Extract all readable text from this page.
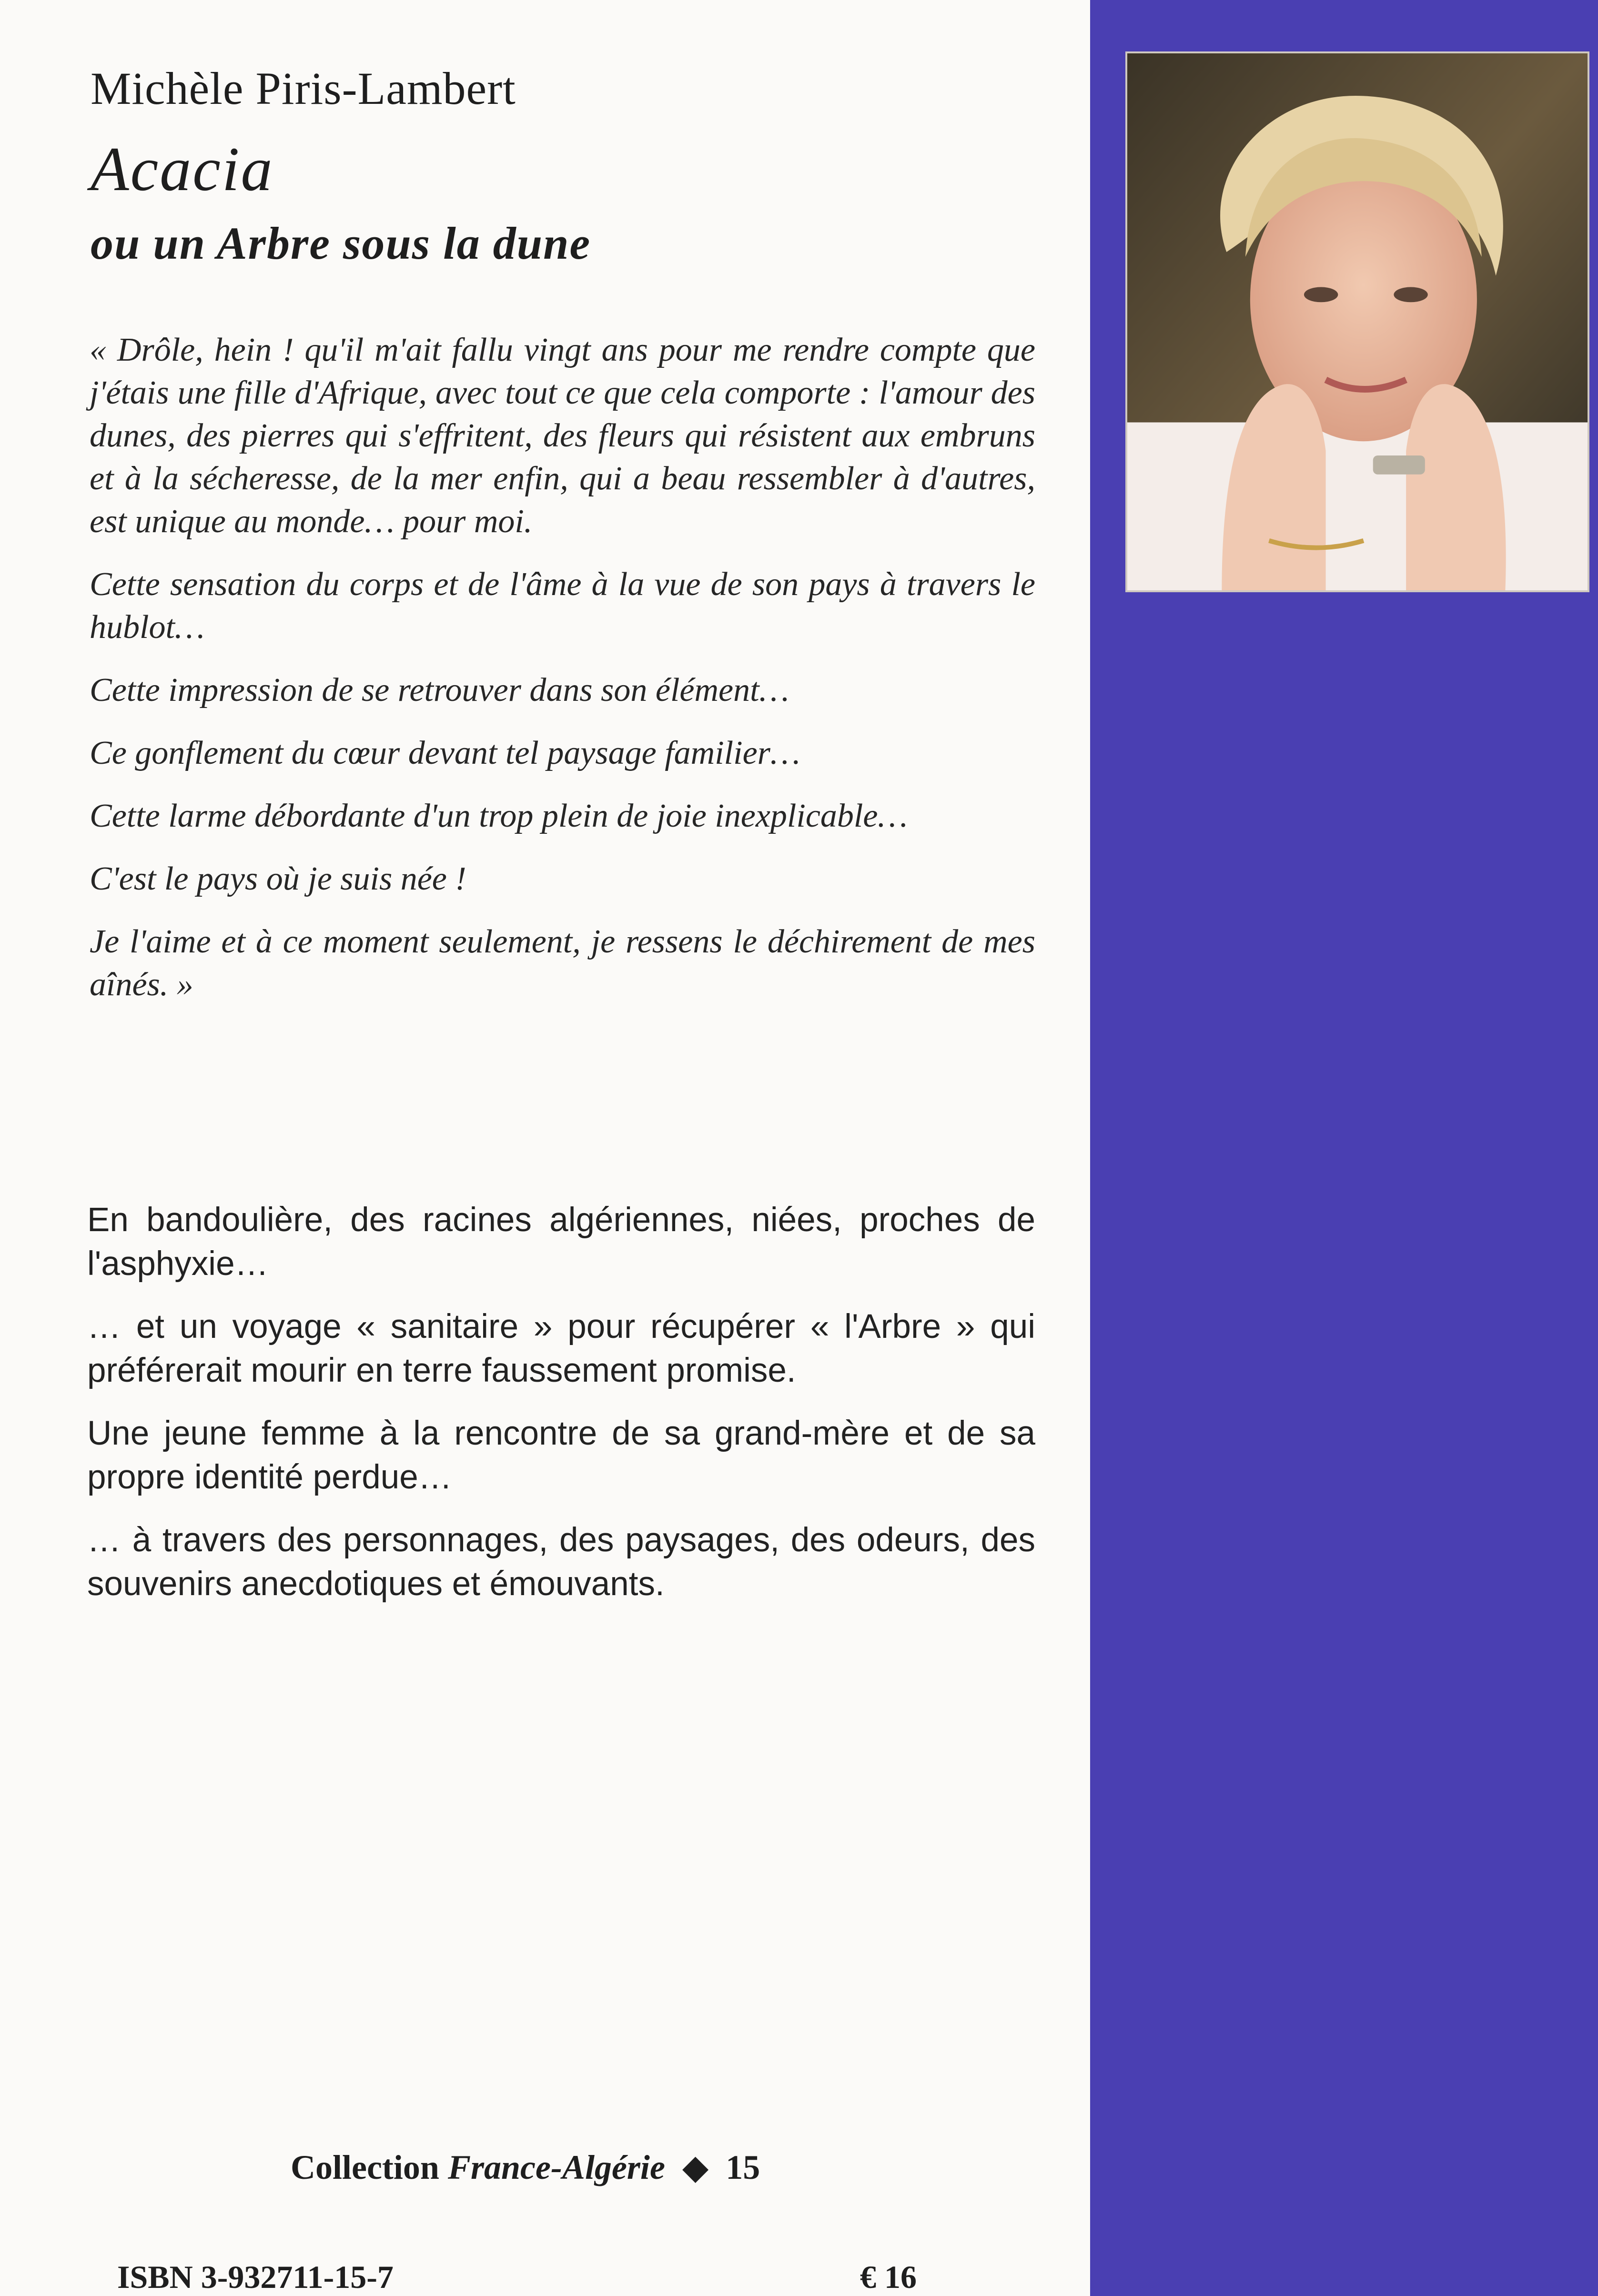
Michèle Piris-Lambert
Acacia
ou un Arbre sous la dune

« Drôle, hein ! qu'il m'ait fallu vingt ans pour me rendre compte que j'étais une fille d'Afrique, avec tout ce que cela comporte : l'amour des dunes, des pierres qui s'effritent, des fleurs qui résistent aux embruns et à la sécheresse, de la mer enfin, qui a beau ressembler à d'autres, est unique au monde… pour moi.

Cette sensation du corps et de l'âme à la vue de son pays à travers le hublot…

Cette impression de se retrouver dans son élément…

Ce gonflement du cœur devant tel paysage familier…

Cette larme débordante d'un trop plein de joie inexplicable…

C'est le pays où je suis née !

Je l'aime et à ce moment seulement, je ressens le déchirement de mes aînés. »

En bandoulière, des racines algériennes, niées, proches de l'asphyxie…

… et un voyage « sanitaire » pour récupérer « l'Arbre » qui préférerait mourir en terre faussement promise.

Une jeune femme à la rencontre de sa grand-mère et de sa propre identité perdue…

… à travers des personnages, des paysages, des odeurs, des souvenirs anecdotiques et émouvants.

Collection France-Algérie ◆ 15
ISBN 3-932711-15-7	€ 16
